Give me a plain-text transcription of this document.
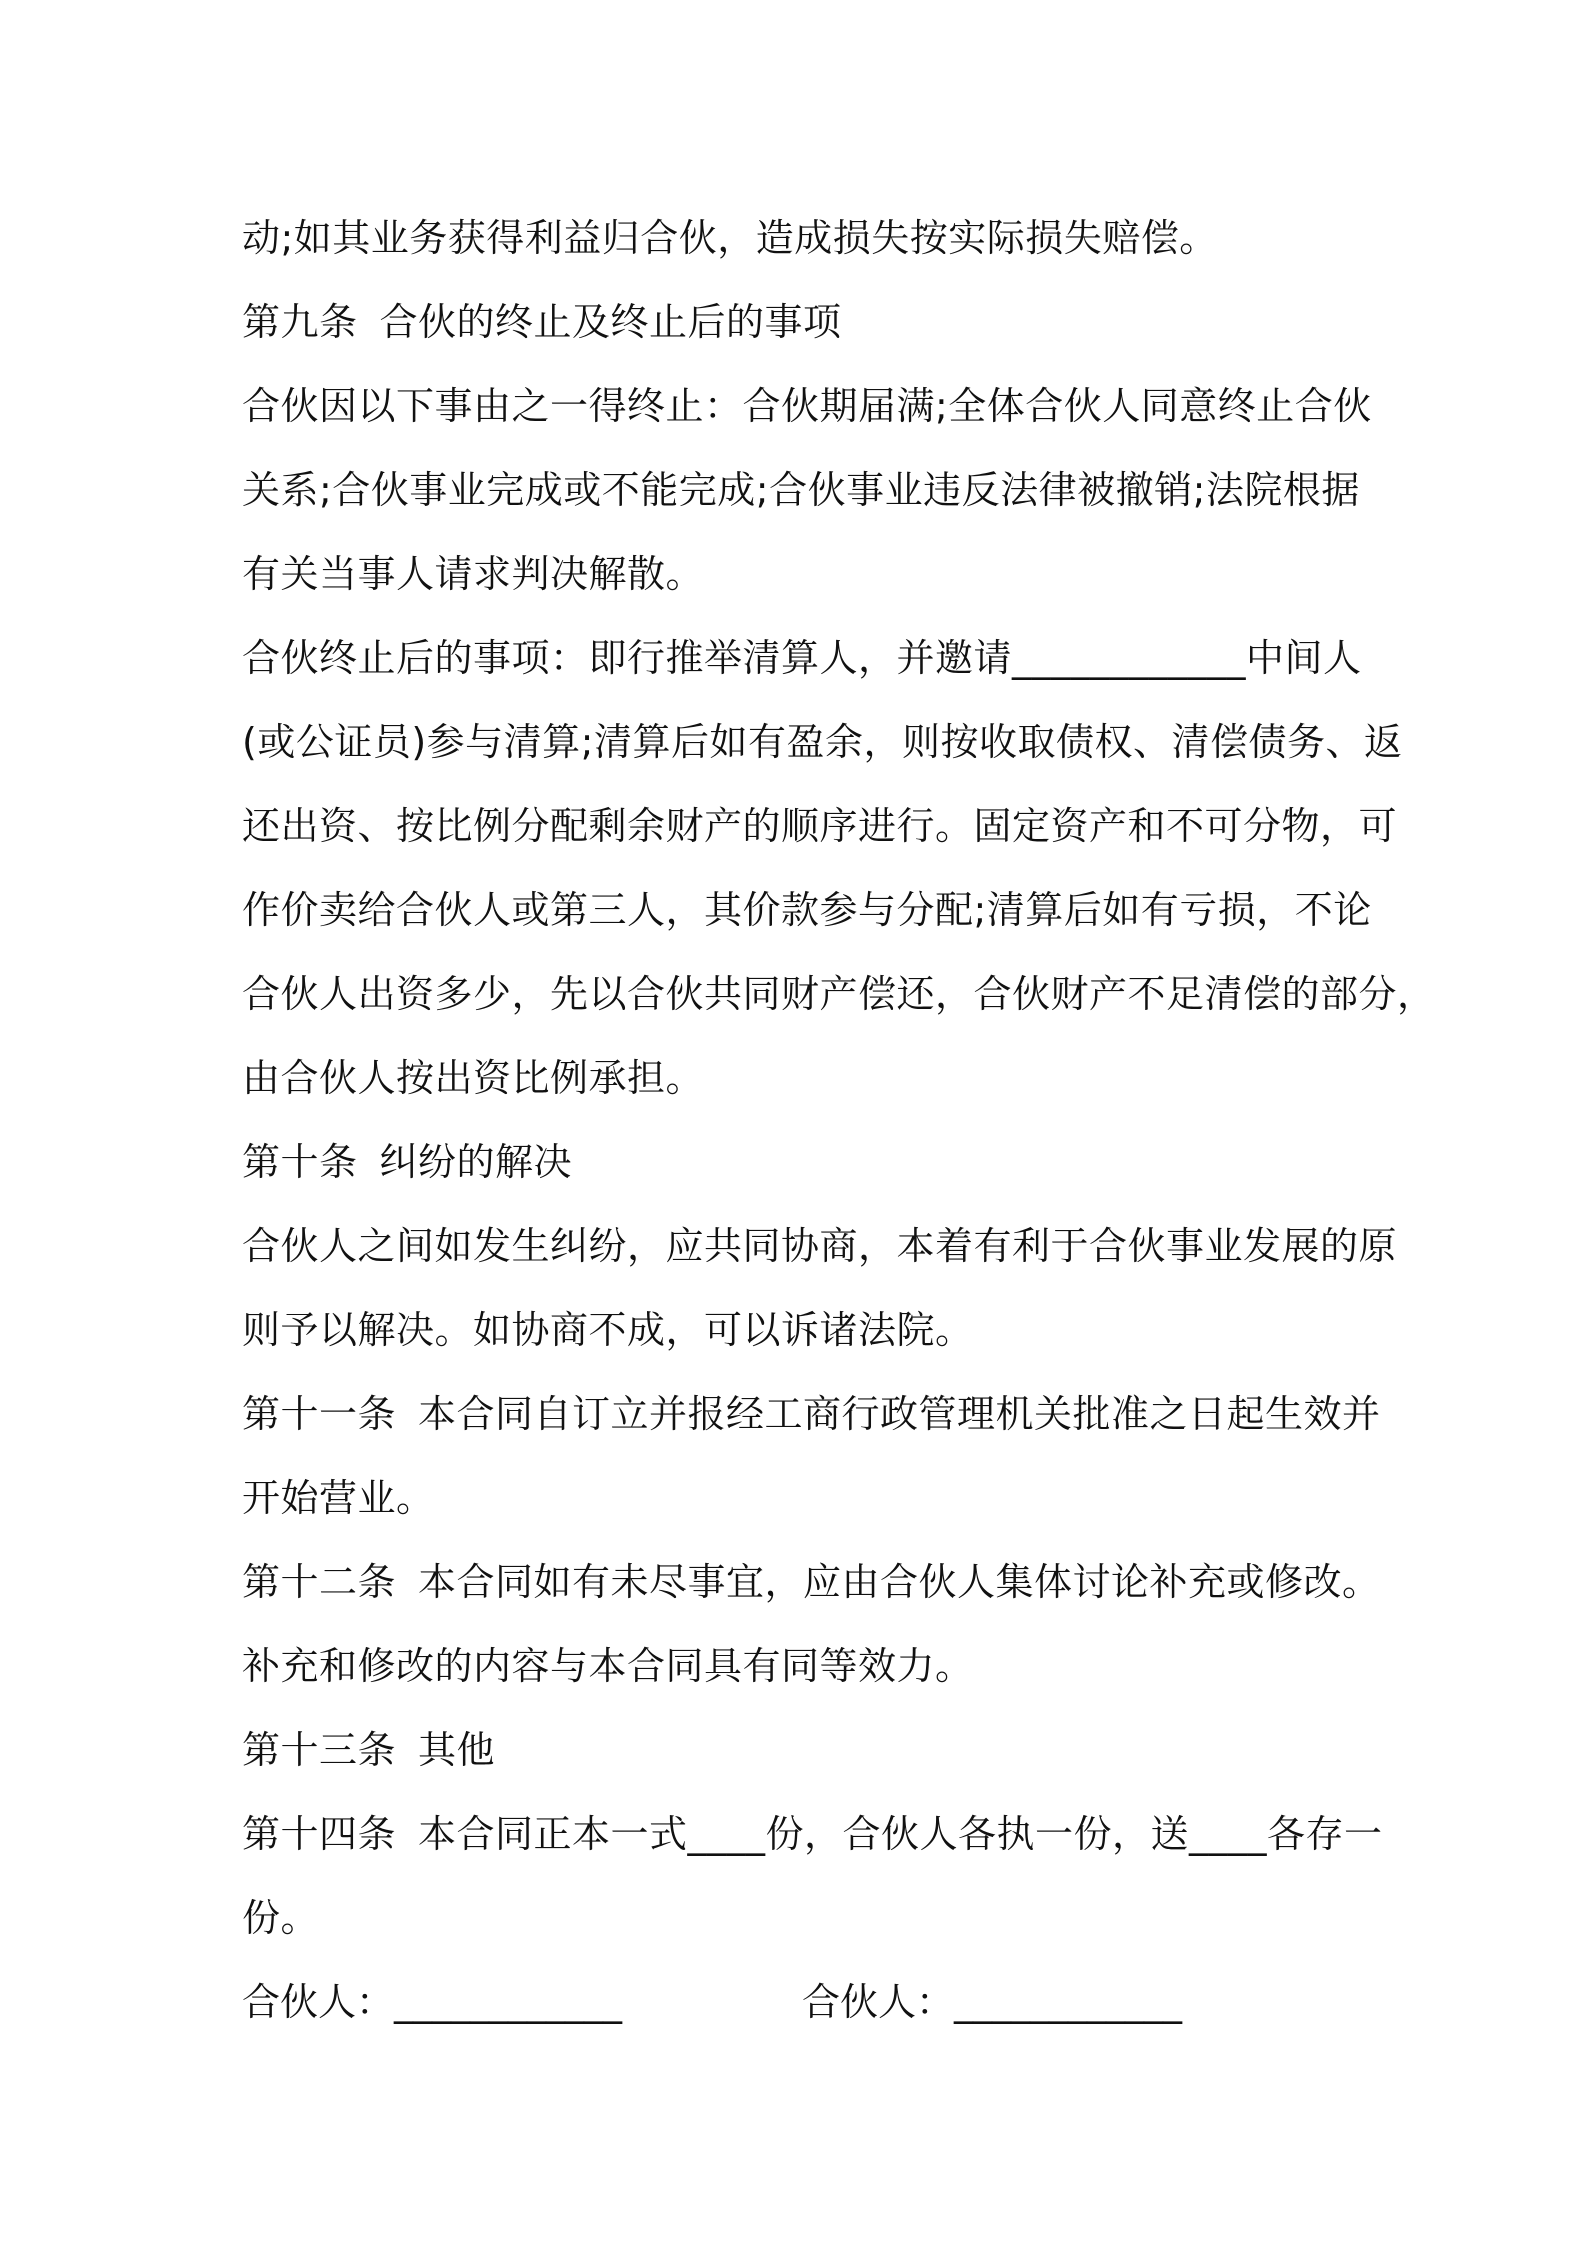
动;如其业务获得利益归合伙，造成损失按实际损失赔偿。
第九条 合伙的终止及终止后的事项
合伙因以下事由之一得终止：合伙期届满;全体合伙人同意终止合伙
关系;合伙事业完成或不能完成;合伙事业违反法律被撤销;法院根据
有关当事人请求判决解散。
合伙终止后的事项：即行推举清算人，并邀请____________中间人
(或公证员)参与清算;清算后如有盈余，则按收取债权、清偿债务、返
还出资、按比例分配剩余财产的顺序进行。固定资产和不可分物，可
作价卖给合伙人或第三人，其价款参与分配;清算后如有亏损，不论
合伙人出资多少，先以合伙共同财产偿还，合伙财产不足清偿的部分，
由合伙人按出资比例承担。
第十条 纠纷的解决
合伙人之间如发生纠纷，应共同协商，本着有利于合伙事业发展的原
则予以解决。如协商不成，可以诉诸法院。
第十一条 本合同自订立并报经工商行政管理机关批准之日起生效并
开始营业。
第十二条 本合同如有未尽事宜，应由合伙人集体讨论补充或修改。
补充和修改的内容与本合同具有同等效力。
第十三条 其他
第十四条 本合同正本一式____份，合伙人各执一份，送____各存一
份。
合伙人：____________	合伙人：____________
